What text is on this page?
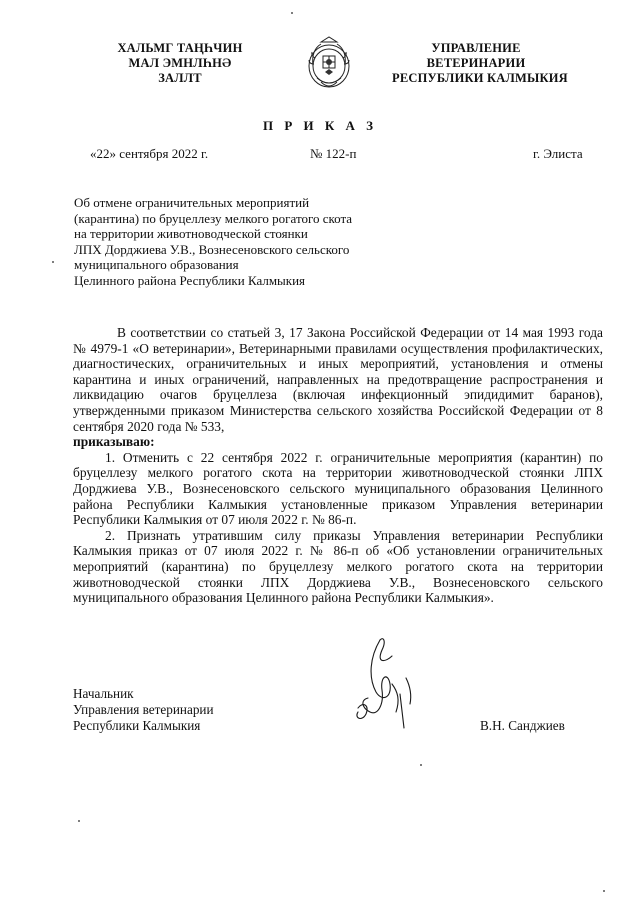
ХАЛЬМГ ТАҢҺЧИН
МАЛ ЭМНЛҺНӘ
ЗАЛЛТ
УПРАВЛЕНИЕ
ВЕТЕРИНАРИИ
РЕСПУБЛИКИ КАЛМЫКИЯ
П Р И К А З
«22» сентября 2022 г.	№ 122-п	г. Элиста
Об отмене ограничительных мероприятий
(карантина) по бруцеллезу мелкого рогатого скота
на территории животноводческой стоянки
ЛПХ Дорджиева У.В., Вознесеновского сельского
муниципального образования
Целинного района Республики Калмыкия

В соответствии со статьей 3, 17 Закона Российской Федерации от 14 мая 1993 года № 4979-1 «О ветеринарии», Ветеринарными правилами осуществления профилактических, диагностических, ограничительных и иных мероприятий, установления и отмены карантина и иных ограничений, направленных на предотвращение распространения и ликвидацию очагов бруцеллеза (включая инфекционный эпидидимит баранов), утвержденными приказом Министерства сельского хозяйства Российской Федерации от 8 сентября 2020 года № 533,

приказываю:

1. Отменить с 22 сентября 2022 г. ограничительные мероприятия (карантин) по бруцеллезу мелкого рогатого скота на территории животноводческой стоянки ЛПХ Дорджиева У.В., Вознесеновского сельского муниципального образования Целинного района Республики Калмыкия установленные приказом Управления ветеринарии Республики Калмыкия от 07 июля 2022 г. № 86-п.

2. Признать утратившим силу приказы Управления ветеринарии Республики Калмыкия приказ от 07 июля 2022 г. № 86-п об «Об установлении ограничительных мероприятий (карантина) по бруцеллезу мелкого рогатого скота на территории животноводческой стоянки ЛПХ Дорджиева У.В., Вознесеновского сельского муниципального образования Целинного района Республики Калмыкия».

Начальник
Управления ветеринарии
Республики Калмыкия	В.Н. Санджиев
